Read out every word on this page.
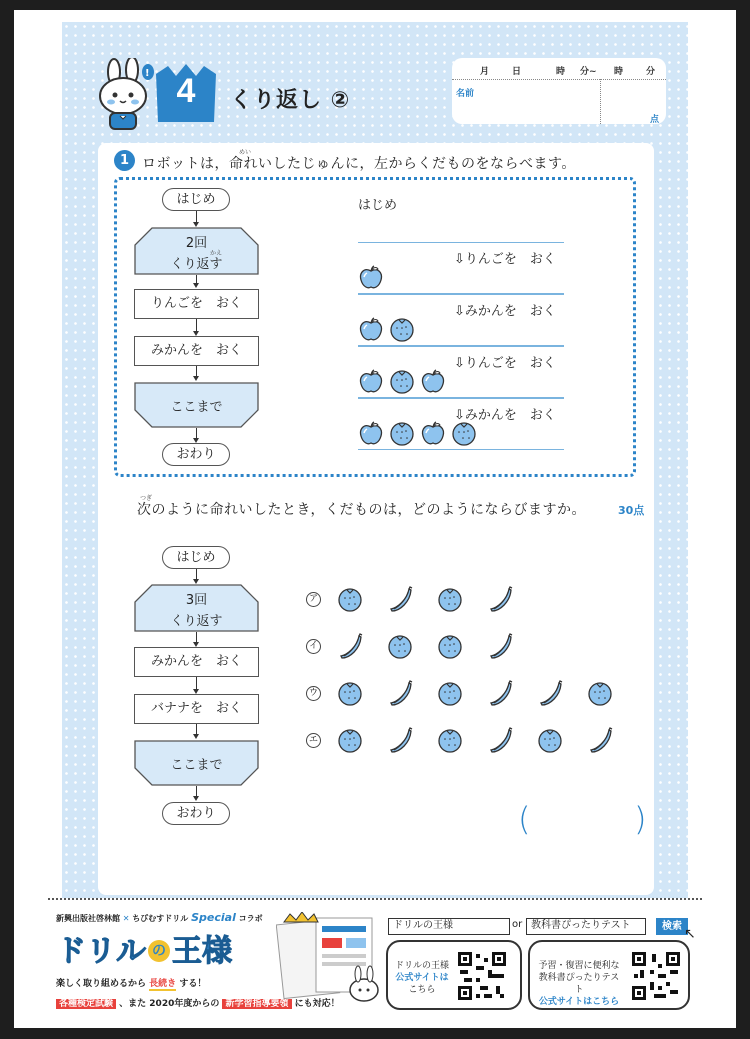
! 4	くり返し ②
月	日	時 分~ 時	分
名前
点
1
めい
ロボットは，命れいしたじゅんに，左からくだものをならべます。
はじめ
2回
かえ
くり返す
りんごを　おく
みかんを　おく
ここまで
おわり
はじめ
⇩りんごを　おく
⇩みかんを　おく
⇩りんごを　おく
⇩みかんを　おく
つぎ
次のように命れいしたとき，くだものは，どのようにならびますか。	30点
はじめ
3回
くり返す
みかんを　おく
バナナを　おく
ここまで
おわり
ア
イ
ウ
エ
(	)
新興出版社啓林館 ✕ ちびむすドリル Special コラボ
ドリル の 王様
楽しく取り組めるから 長続き する！
各種検定試験 、また 2020年度からの 新学習指導要領 にも対応！
ドリルの王様	or 教科書ぴったりテスト	検索 ↖
ドリルの王様
公式サイトは
こちら
予習・復習に便利な
教科書ぴったりテスト
公式サイトはこちら
